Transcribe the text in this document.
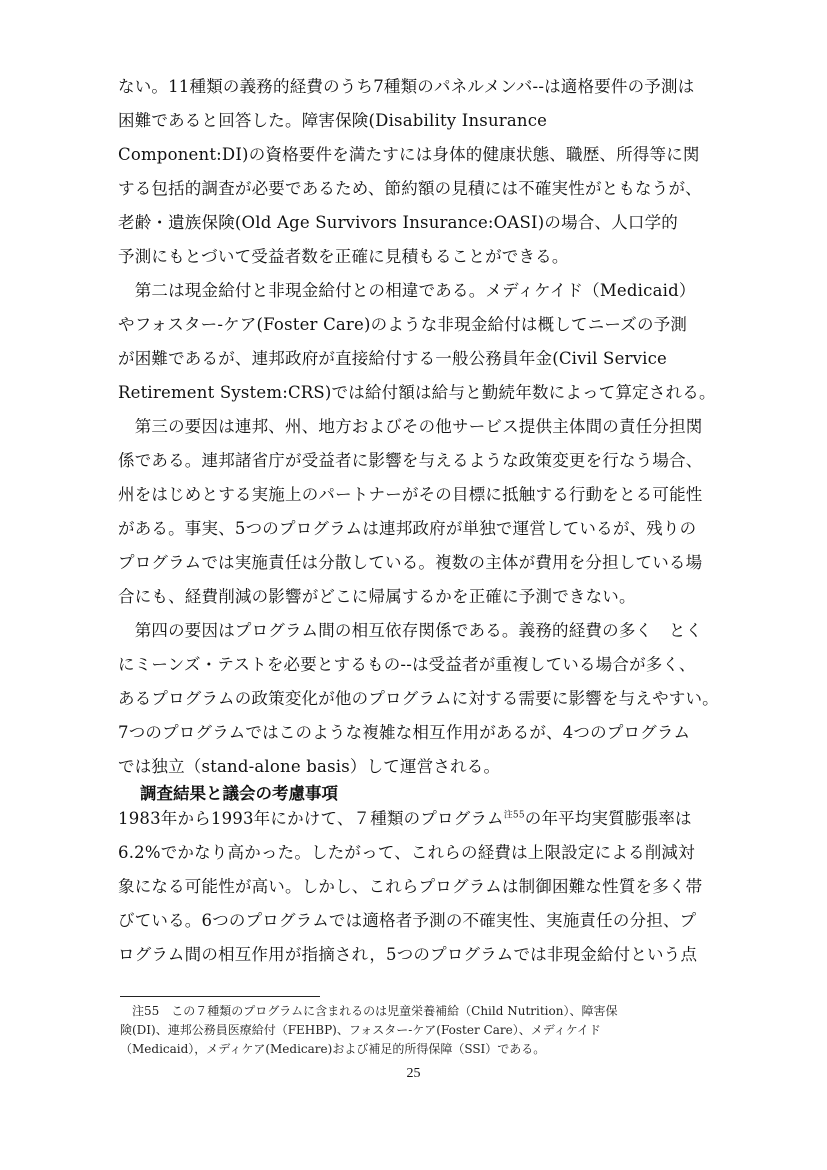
ない。11種類の義務的経費のうち7種類のパネルメンバ--は適格要件の予測は
困難であると回答した。障害保険(Disability Insurance
Component:DI)の資格要件を満たすには身体的健康状態、職歴、所得等に関
する包括的調査が必要であるため、節約額の見積には不確実性がともなうが、
老齢・遺族保険(Old Age Survivors Insurance:OASI)の場合、人口学的
予測にもとづいて受益者数を正確に見積もることができる。
　第二は現金給付と非現金給付との相違である。メディケイド（Medicaid）
やフォスター-ケア(Foster Care)のような非現金給付は概してニーズの予測
が困難であるが、連邦政府が直接給付する一般公務員年金(Civil Service
Retirement System:CRS)では給付額は給与と勤続年数によって算定される。
　第三の要因は連邦、州、地方およびその他サービス提供主体間の責任分担関
係である。連邦諸省庁が受益者に影響を与えるような政策変更を行なう場合、
州をはじめとする実施上のパートナーがその目標に抵触する行動をとる可能性
がある。事実、5つのプログラムは連邦政府が単独で運営しているが、残りの
プログラムでは実施責任は分散している。複数の主体が費用を分担している場
合にも、経費削減の影響がどこに帰属するかを正確に予測できない。
　第四の要因はプログラム間の相互依存関係である。義務的経費の多く　とく
にミーンズ・テストを必要とするもの--は受益者が重複している場合が多く、
あるプログラムの政策変化が他のプログラムに対する需要に影響を与えやすい。
7つのプログラムではこのような複雑な相互作用があるが、4つのプログラム
では独立（stand-alone basis）して運営される。
調査結果と議会の考慮事項
1983年から1993年にかけて、７種類のプログラム$^{注55}$の年平均実質膨張率は
6.2%でかなり高かった。したがって、これらの経費は上限設定による削減対
象になる可能性が高い。しかし、これらプログラムは制御困難な性質を多く帯
びている。6つのプログラムでは適格者予測の不確実性、実施責任の分担、プ
ログラム間の相互作用が指摘され，5つのプログラムでは非現金給付という点
　注55　この７種類のプログラムに含まれるのは児童栄養補給（Child Nutrition）、障害保
険(DI)、連邦公務員医療給付（FEHBP)、フォスター-ケア(Foster Care）、メディケイド
（Medicaid），メディケア(Medicare)および補足的所得保障（SSI）である。
25
